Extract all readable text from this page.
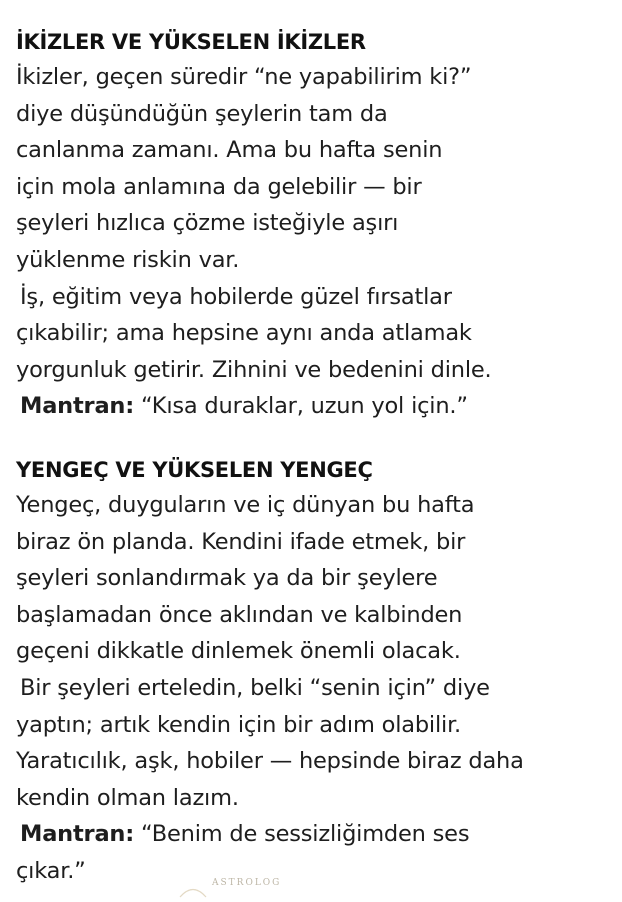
İKİZLER VE YÜKSELEN İKİZLER

İkizler, geçen süredir “ne yapabilirim ki?”

diye düşündüğün şeylerin tam da

canlanma zamanı. Ama bu hafta senin

için mola anlamına da gelebilir — bir

şeyleri hızlıca çözme isteğiyle aşırı

yüklenme riskin var.

İş, eğitim veya hobilerde güzel fırsatlar

çıkabilir; ama hepsine aynı anda atlamak

yorgunluk getirir. Zihnini ve bedenini dinle.

Mantran: “Kısa duraklar, uzun yol için.”

YENGEÇ VE YÜKSELEN YENGEÇ

Yengeç, duyguların ve iç dünyan bu hafta

biraz ön planda. Kendini ifade etmek, bir

şeyleri sonlandırmak ya da bir şeylere

başlamadan önce aklından ve kalbinden

geçeni dikkatle dinlemek önemli olacak.

Bir şeyleri erteledin, belki “senin için” diye

yaptın; artık kendin için bir adım olabilir.

Yaratıcılık, aşk, hobiler — hepsinde biraz daha

kendin olman lazım.

Mantran: “Benim de sessizliğimden ses

çıkar.”	ASTROLOG
